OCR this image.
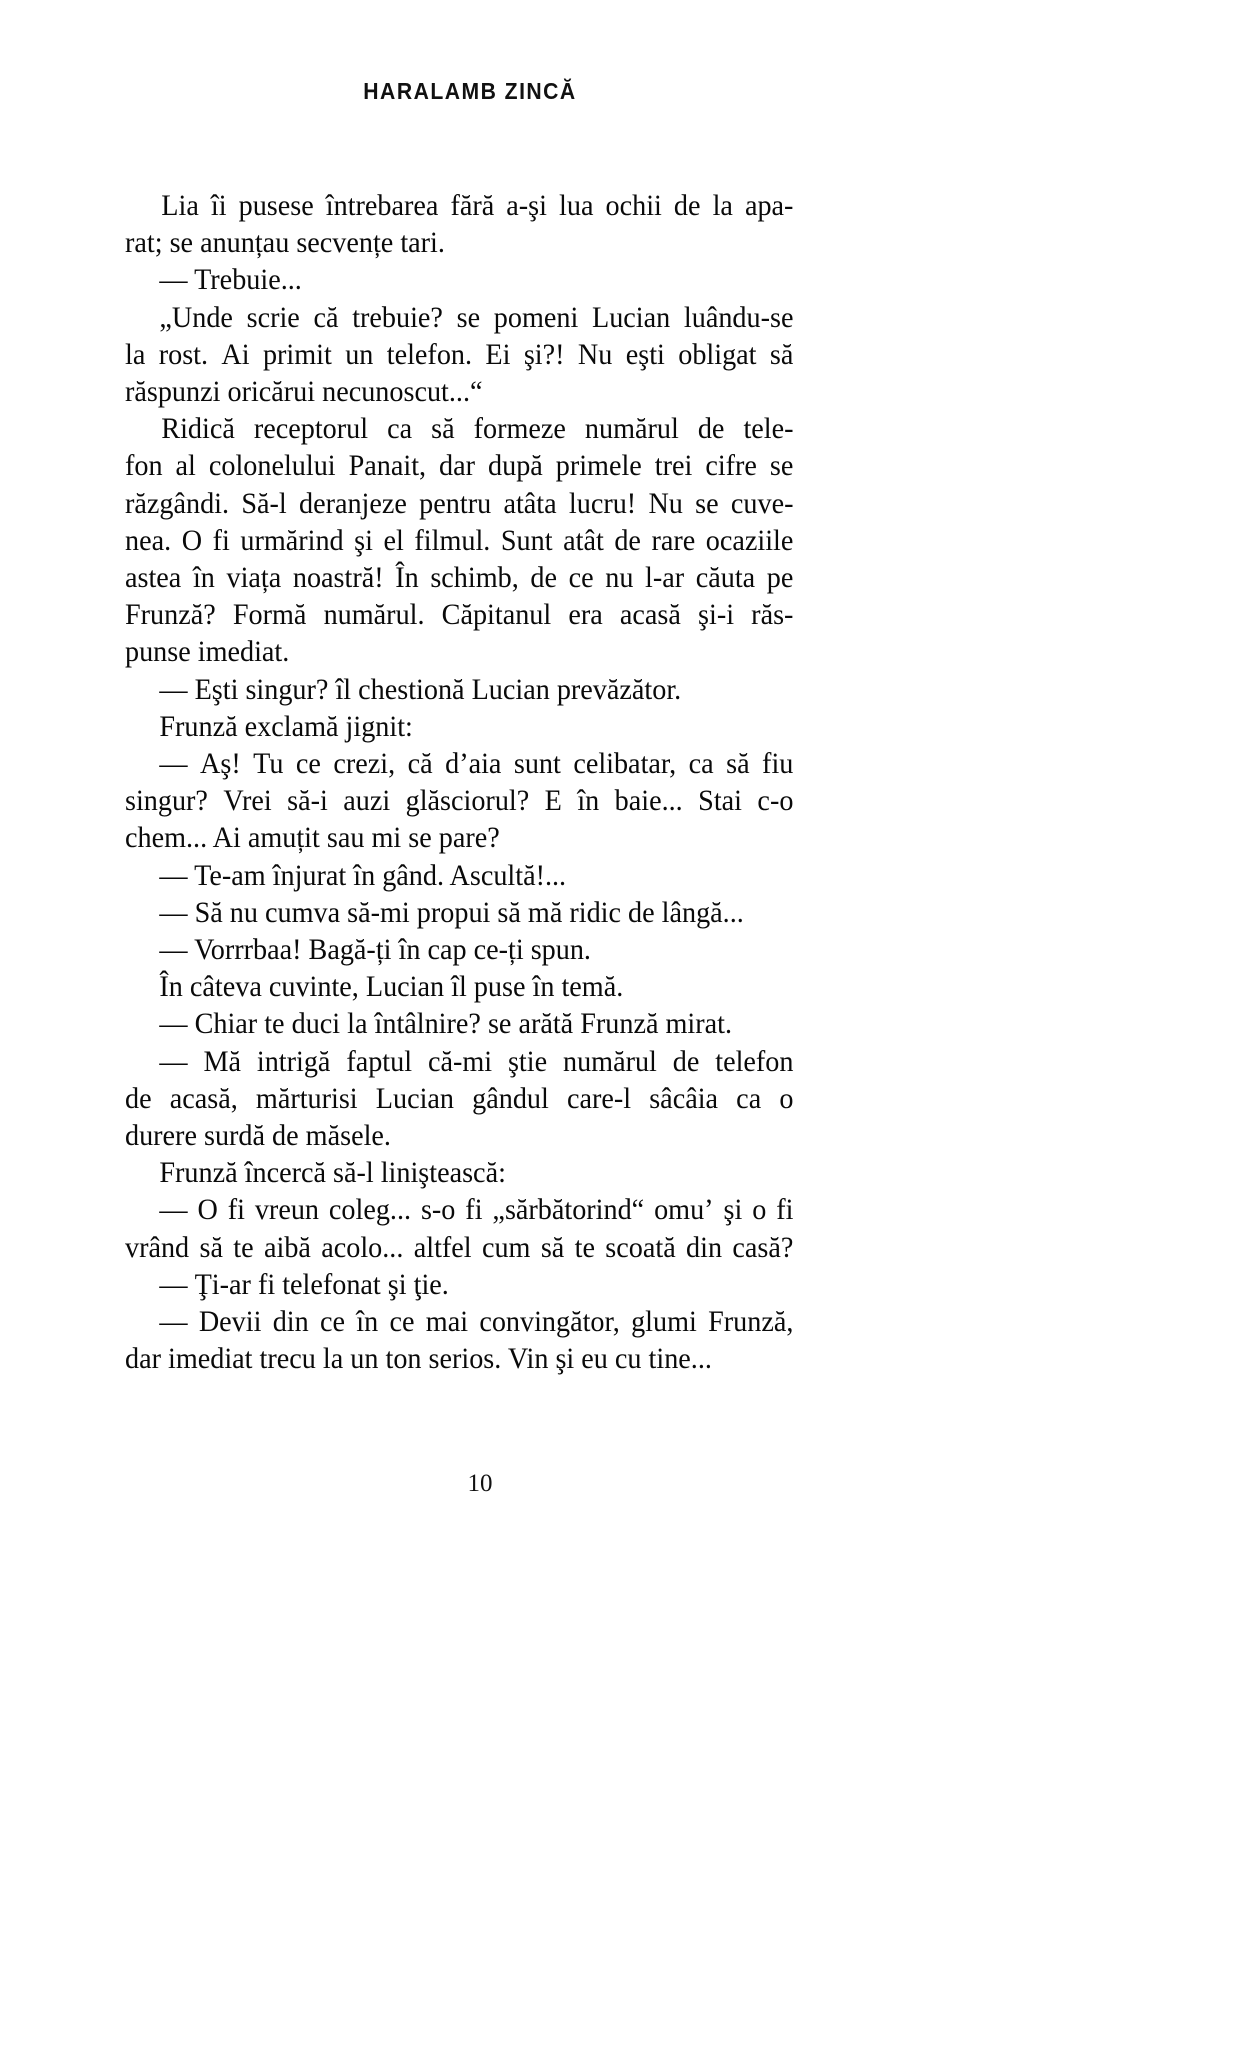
HARALAMB ZINCĂ
Lia îi pusese întrebarea fără a-şi lua ochii de la apa-
rat; se anunțau secvențe tari.
— Trebuie...
„Unde scrie că trebuie? se pomeni Lucian luându-se
la rost. Ai primit un telefon. Ei şi?! Nu eşti obligat să
răspunzi oricărui necunoscut...“
Ridică receptorul ca să formeze numărul de tele-
fon al colonelului Panait, dar după primele trei cifre se
răzgândi. Să-l deranjeze pentru atâta lucru! Nu se cuve-
nea. O fi urmărind şi el filmul. Sunt atât de rare ocaziile
astea în viața noastră! În schimb, de ce nu l-ar căuta pe
Frunză? Formă numărul. Căpitanul era acasă şi-i răs-
punse imediat.
— Eşti singur? îl chestionă Lucian prevăzător.
Frunză exclamă jignit:
— Aş! Tu ce crezi, că d’aia sunt celibatar, ca să fiu
singur? Vrei să-i auzi glăsciorul? E în baie... Stai c-o
chem... Ai amuțit sau mi se pare?
— Te-am înjurat în gând. Ascultă!...
— Să nu cumva să-mi propui să mă ridic de lângă...
— Vorrrbaa! Bagă-ți în cap ce-ți spun.
În câteva cuvinte, Lucian îl puse în temă.
— Chiar te duci la întâlnire? se arătă Frunză mirat.
— Mă intrigă faptul că-mi ştie numărul de telefon
de acasă, mărturisi Lucian gândul care-l sâcâia ca o
durere surdă de măsele.
Frunză încercă să-l liniştească:
— O fi vreun coleg... s-o fi „sărbătorind“ omu’ şi o fi
vrând să te aibă acolo... altfel cum să te scoată din casă?
— Ţi-ar fi telefonat şi ţie.
— Devii din ce în ce mai convingător, glumi Frunză,
dar imediat trecu la un ton serios. Vin şi eu cu tine...
10
